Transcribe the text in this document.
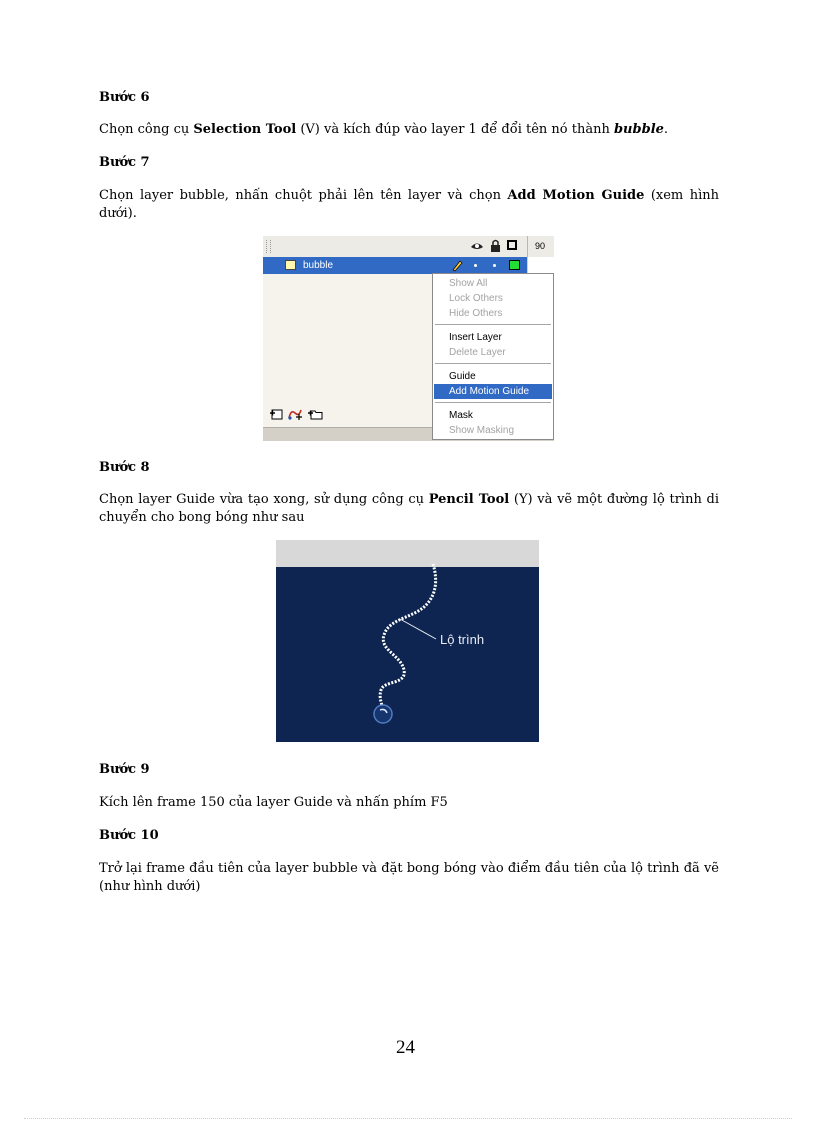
Bước 6
Chọn công cụ Selection Tool (V) và kích đúp vào layer 1 để đổi tên nó thành bubble.
Bước 7
Chọn layer bubble, nhấn chuột phải lên tên layer và chọn Add Motion Guide (xem hình dưới).
90
bubble
Show All
Lock Others
Hide Others
Insert Layer
Delete Layer
Guide
Add Motion Guide
Mask
Show Masking
Bước 8
Chọn layer Guide vừa tạo xong, sử dụng công cụ Pencil Tool (Y) và vẽ một đường lộ trình di chuyển cho bong bóng như sau
Lộ trình
Bước 9
Kích lên frame 150 của layer Guide và nhấn phím F5
Bước 10
Trở lại frame đầu tiên của layer bubble và đặt bong bóng vào điểm đầu tiên của lộ trình đã vẽ (như hình dưới)
24
